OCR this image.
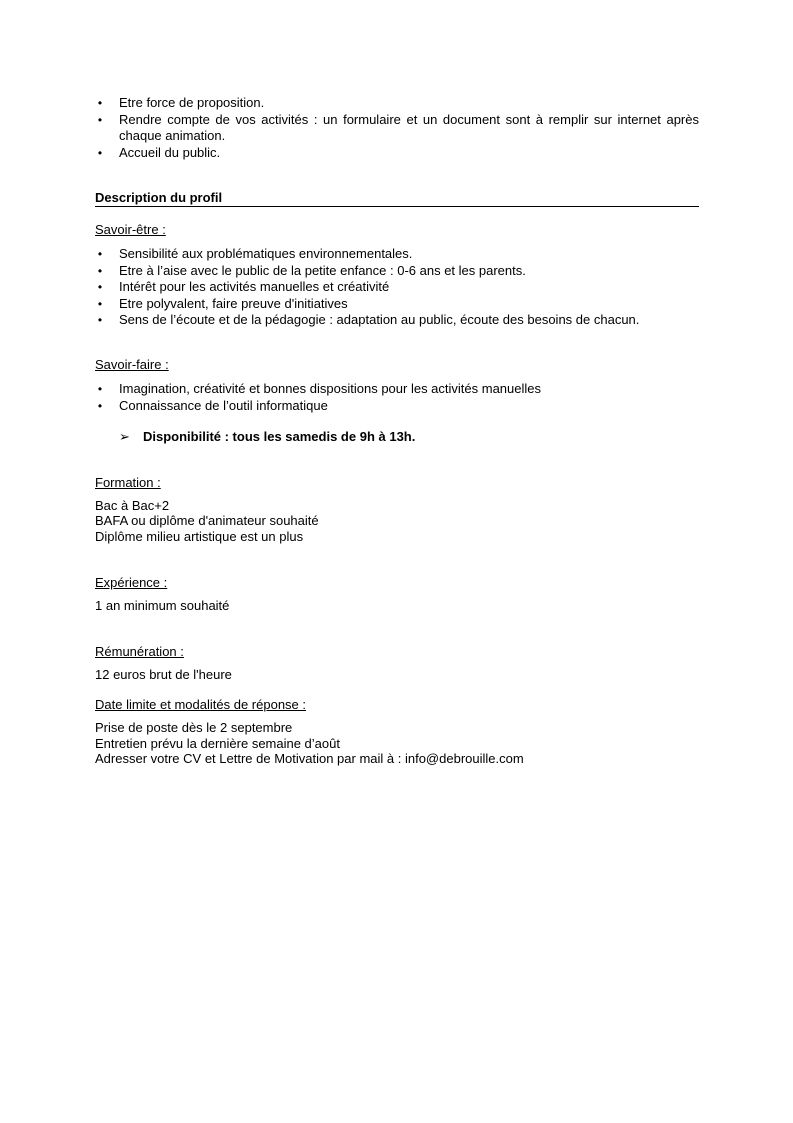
• Etre force de proposition.
• Rendre compte de vos activités : un formulaire et un document sont à remplir sur internet après chaque animation.
• Accueil du public.
Description du profil
Savoir-être :
• Sensibilité aux problématiques environnementales.
• Etre à l’aise avec le public de la petite enfance : 0-6 ans et les parents.
• Intérêt pour les activités manuelles et créativité
• Etre polyvalent, faire preuve d'initiatives
• Sens de l’écoute et de la pédagogie : adaptation au public, écoute des besoins de chacun.
Savoir-faire :
• Imagination, créativité et bonnes dispositions pour les activités manuelles
• Connaissance de l’outil informatique
➢ Disponibilité : tous les samedis de 9h à 13h.
Formation :
Bac à Bac+2
BAFA ou diplôme d'animateur souhaité
Diplôme milieu artistique est un plus
Expérience :
1 an minimum souhaité
Rémunération :
12 euros brut de l'heure
Date limite et modalités de réponse :
Prise de poste dès le 2 septembre
Entretien prévu la dernière semaine d’août
Adresser votre CV et Lettre de Motivation par mail à : info@debrouille.com
